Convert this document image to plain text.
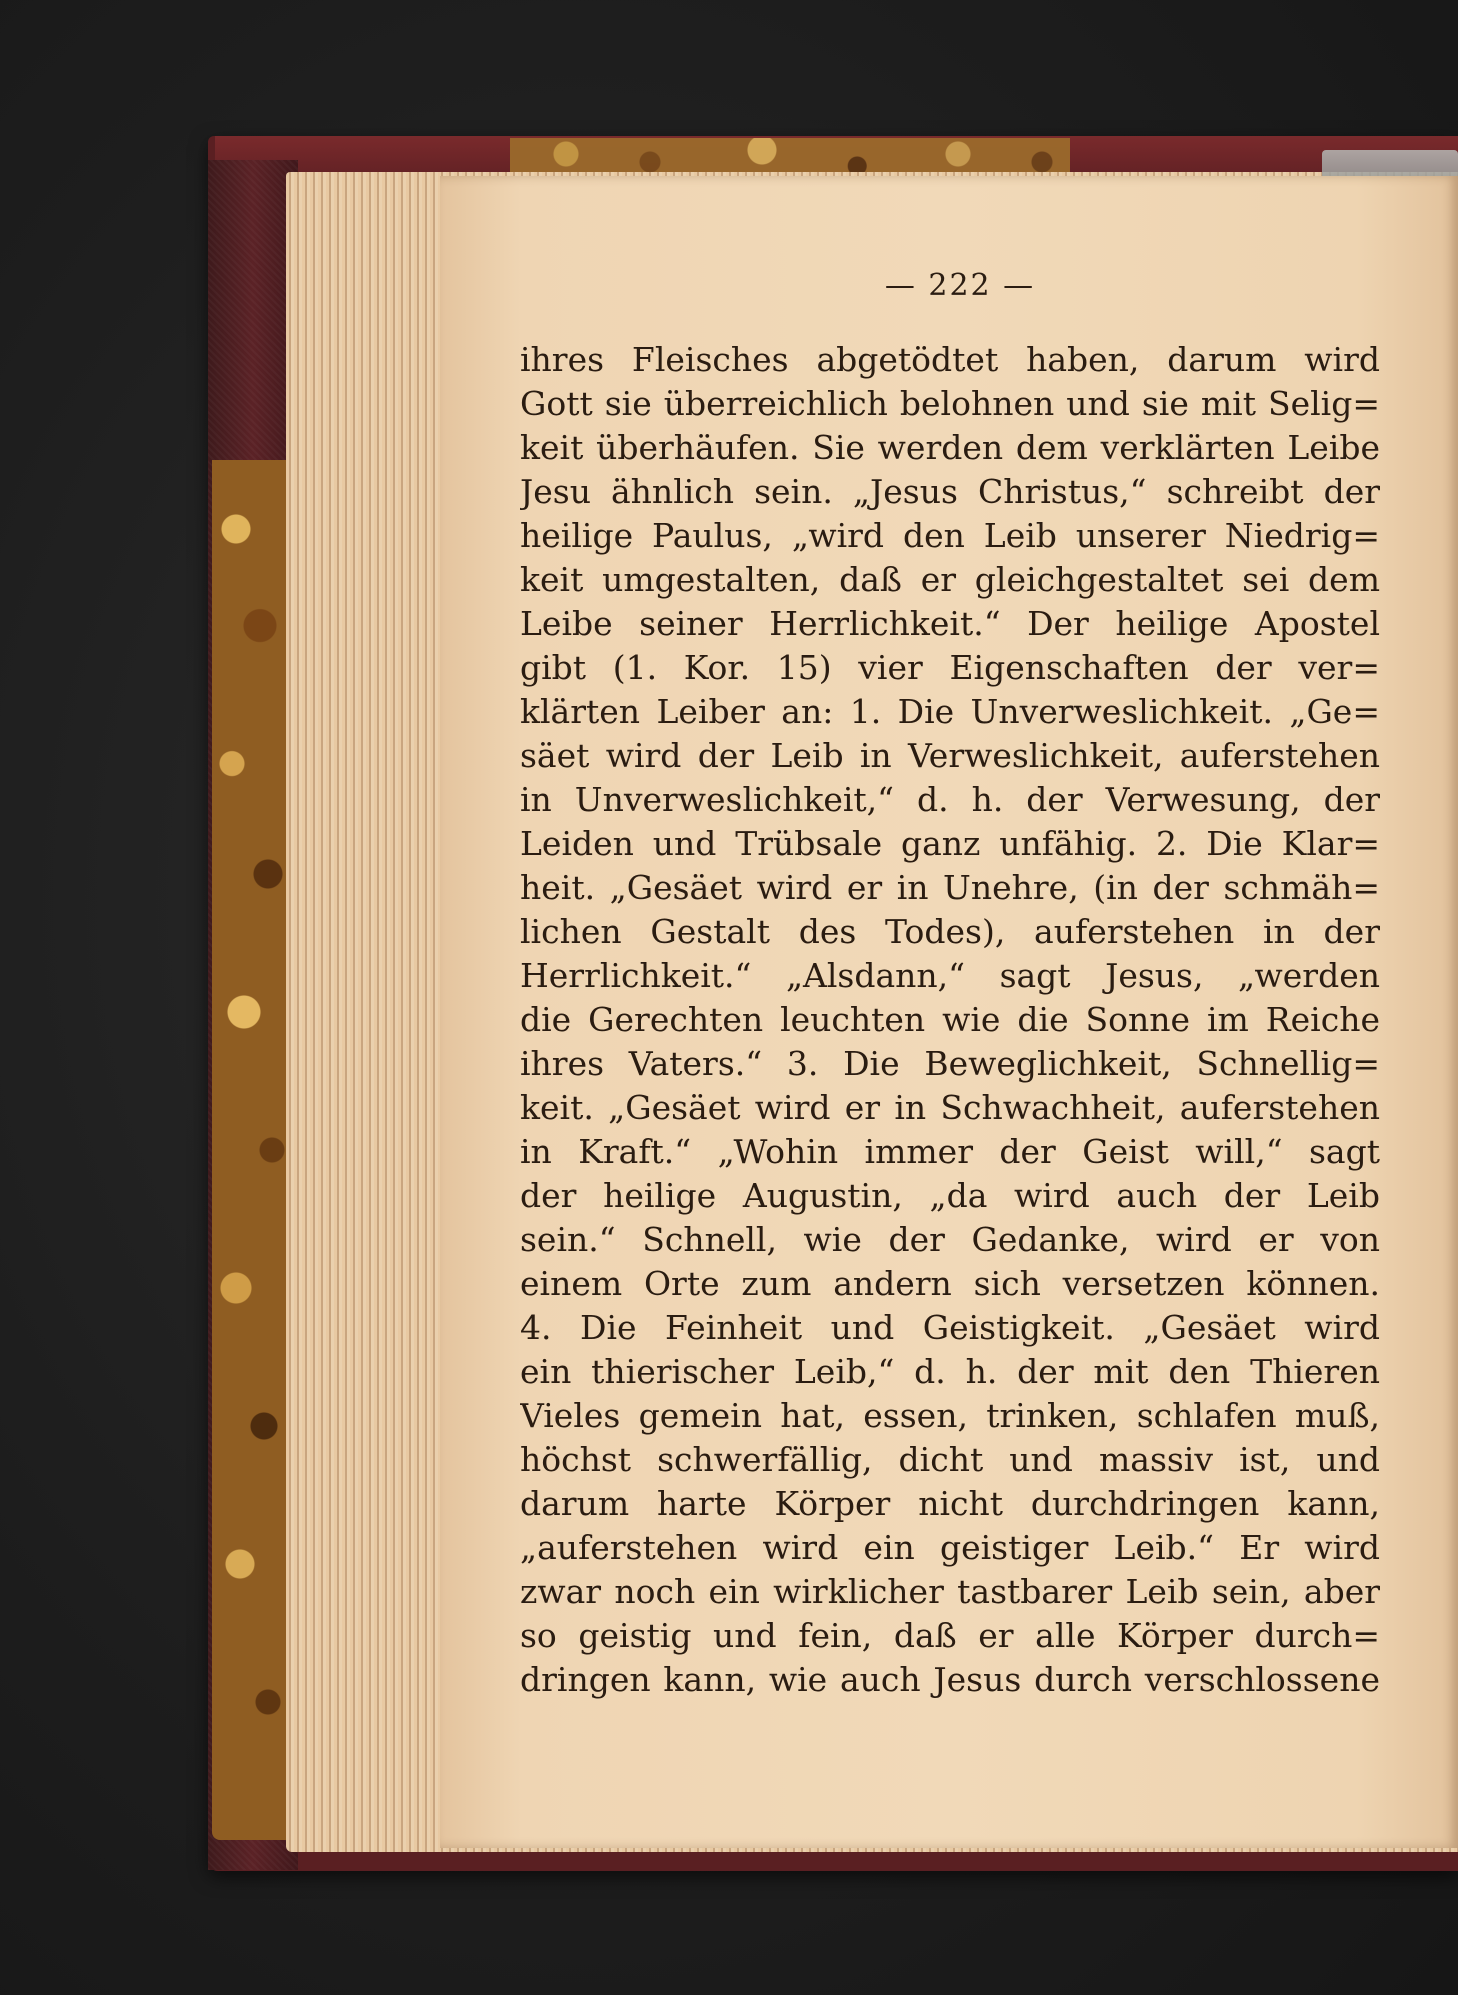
— 222 —
ihres Fleisches abgetödtet haben, darum wird
Gott sie überreichlich belohnen und sie mit Selig=
keit überhäufen. Sie werden dem verklärten Leibe
Jesu ähnlich sein. „Jesus Christus,“ schreibt der
heilige Paulus, „wird den Leib unserer Niedrig=
keit umgestalten, daß er gleichgestaltet sei dem
Leibe seiner Herrlichkeit.“ Der heilige Apostel
gibt (1. Kor. 15) vier Eigenschaften der ver=
klärten Leiber an: 1. Die Unverweslichkeit. „Ge=
säet wird der Leib in Verweslichkeit, auferstehen
in Unverweslichkeit,“ d. h. der Verwesung, der
Leiden und Trübsale ganz unfähig. 2. Die Klar=
heit. „Gesäet wird er in Unehre, (in der schmäh=
lichen Gestalt des Todes), auferstehen in der
Herrlichkeit.“ „Alsdann,“ sagt Jesus, „werden
die Gerechten leuchten wie die Sonne im Reiche
ihres Vaters.“ 3. Die Beweglichkeit, Schnellig=
keit. „Gesäet wird er in Schwachheit, auferstehen
in Kraft.“ „Wohin immer der Geist will,“ sagt
der heilige Augustin, „da wird auch der Leib
sein.“ Schnell, wie der Gedanke, wird er von
einem Orte zum andern sich versetzen können.
4. Die Feinheit und Geistigkeit. „Gesäet wird
ein thierischer Leib,“ d. h. der mit den Thieren
Vieles gemein hat, essen, trinken, schlafen muß,
höchst schwerfällig, dicht und massiv ist, und
darum harte Körper nicht durchdringen kann,
„auferstehen wird ein geistiger Leib.“ Er wird
zwar noch ein wirklicher tastbarer Leib sein, aber
so geistig und fein, daß er alle Körper durch=
dringen kann, wie auch Jesus durch verschlossene
